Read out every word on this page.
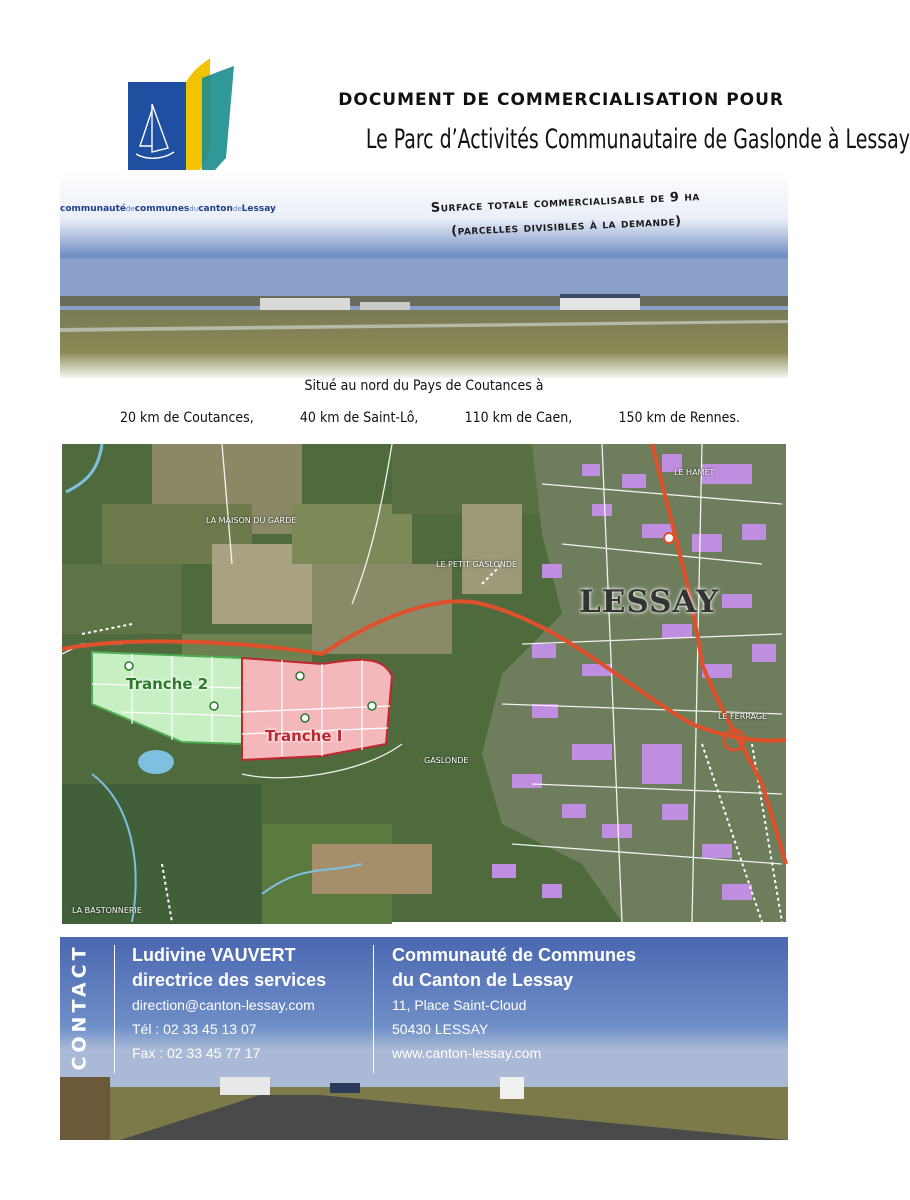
DOCUMENT DE COMMERCIALISATION POUR
Le Parc d’Activités Communautaire de Gaslonde à Lessay
communautédecommunesducantondeLessay	Surface totale commercialisable de 9 ha
(parcelles divisibles à la demande)
Situé au nord du Pays de Coutances à
20 km de Coutances,	40 km de Saint-Lô,	110 km de Caen,	150 km de Rennes.
LA MAISON DU GARDE
LE PETIT GASLONDE
LE HAMET
LE FERRAGE
GASLONDE
LA BASTONNERIE
LESSAY
Tranche 2
Tranche I
Ludivine VAUVERT
directrice des services
direction@canton-lessay.com
Tél : 02 33 45 13 07
Fax : 02 33 45 77 17
Communauté de Communes
du Canton de Lessay
11, Place Saint-Cloud
50430 LESSAY
www.canton-lessay.com
CONTACT
